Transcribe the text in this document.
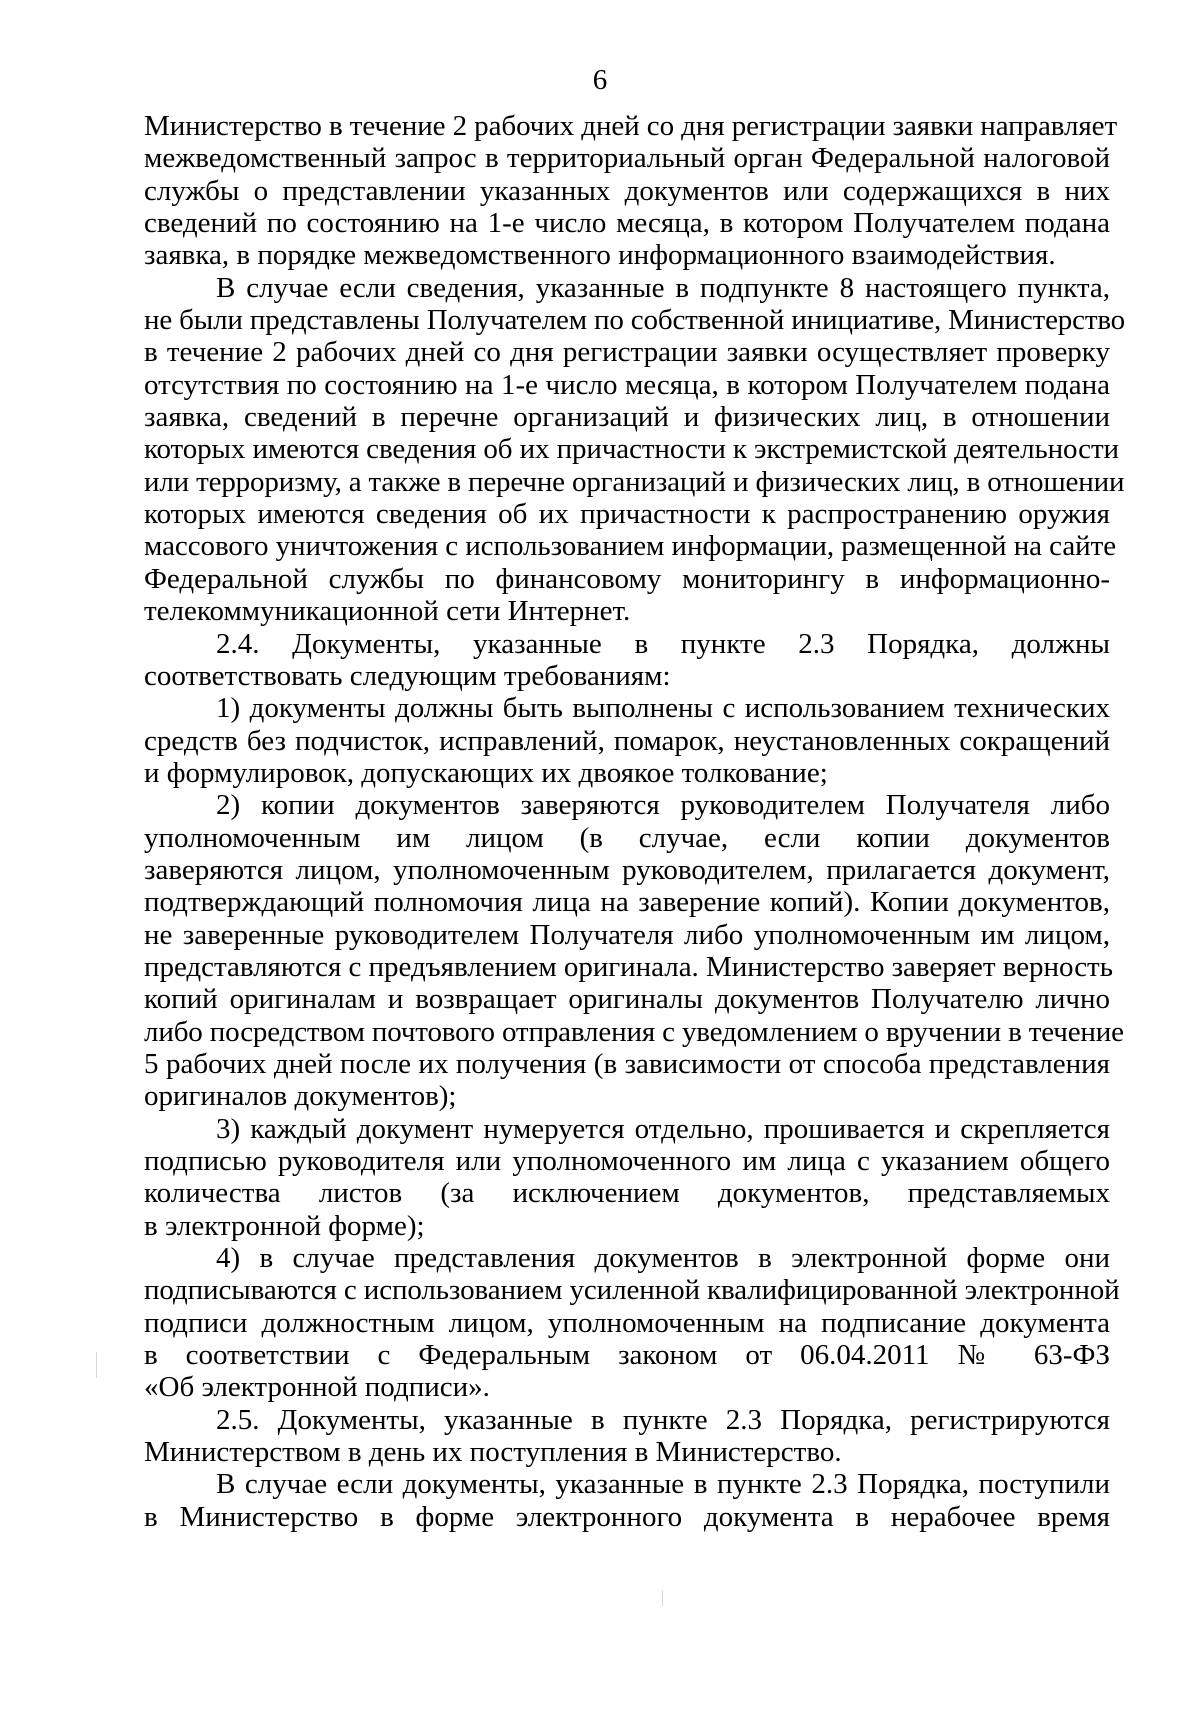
6
Министерство в течение 2 рабочих дней со дня регистрации заявки направляет
межведомственный запрос в территориальный орган Федеральной налоговой
службы о представлении указанных документов или содержащихся в них
сведений по состоянию на 1-е число месяца, в котором Получателем подана
заявка, в порядке межведомственного информационного взаимодействия.
В случае если сведения, указанные в подпункте 8 настоящего пункта,
не были представлены Получателем по собственной инициативе, Министерство
в течение 2 рабочих дней со дня регистрации заявки осуществляет проверку
отсутствия по состоянию на 1-е число месяца, в котором Получателем подана
заявка, сведений в перечне организаций и физических лиц, в отношении
которых имеются сведения об их причастности к экстремистской деятельности
или терроризму, а также в перечне организаций и физических лиц, в отношении
которых имеются сведения об их причастности к распространению оружия
массового уничтожения с использованием информации, размещенной на сайте
Федеральной службы по финансовому мониторингу в информационно-
телекоммуникационной сети Интернет.
2.4. Документы, указанные в пункте 2.3 Порядка, должны
соответствовать следующим требованиям:
1) документы должны быть выполнены с использованием технических
средств без подчисток, исправлений, помарок, неустановленных сокращений
и формулировок, допускающих их двоякое толкование;
2) копии документов заверяются руководителем Получателя либо
уполномоченным им лицом (в случае, если копии документов
заверяются лицом, уполномоченным руководителем, прилагается документ,
подтверждающий полномочия лица на заверение копий). Копии документов,
не заверенные руководителем Получателя либо уполномоченным им лицом,
представляются с предъявлением оригинала. Министерство заверяет верность
копий оригиналам и возвращает оригиналы документов Получателю лично
либо посредством почтового отправления с уведомлением о вручении в течение
5 рабочих дней после их получения (в зависимости от способа представления
оригиналов документов);
3) каждый документ нумеруется отдельно, прошивается и скрепляется
подписью руководителя или уполномоченного им лица с указанием общего
количества листов (за исключением документов, представляемых
в электронной форме);
4) в случае представления документов в электронной форме они
подписываются с использованием усиленной квалифицированной электронной
подписи должностным лицом, уполномоченным на подписание документа
в соответствии с Федеральным законом от 06.04.2011 № 63-ФЗ
«Об электронной подписи».
2.5. Документы, указанные в пункте 2.3 Порядка, регистрируются
Министерством в день их поступления в Министерство.
В случае если документы, указанные в пункте 2.3 Порядка, поступили
в Министерство в форме электронного документа в нерабочее время
